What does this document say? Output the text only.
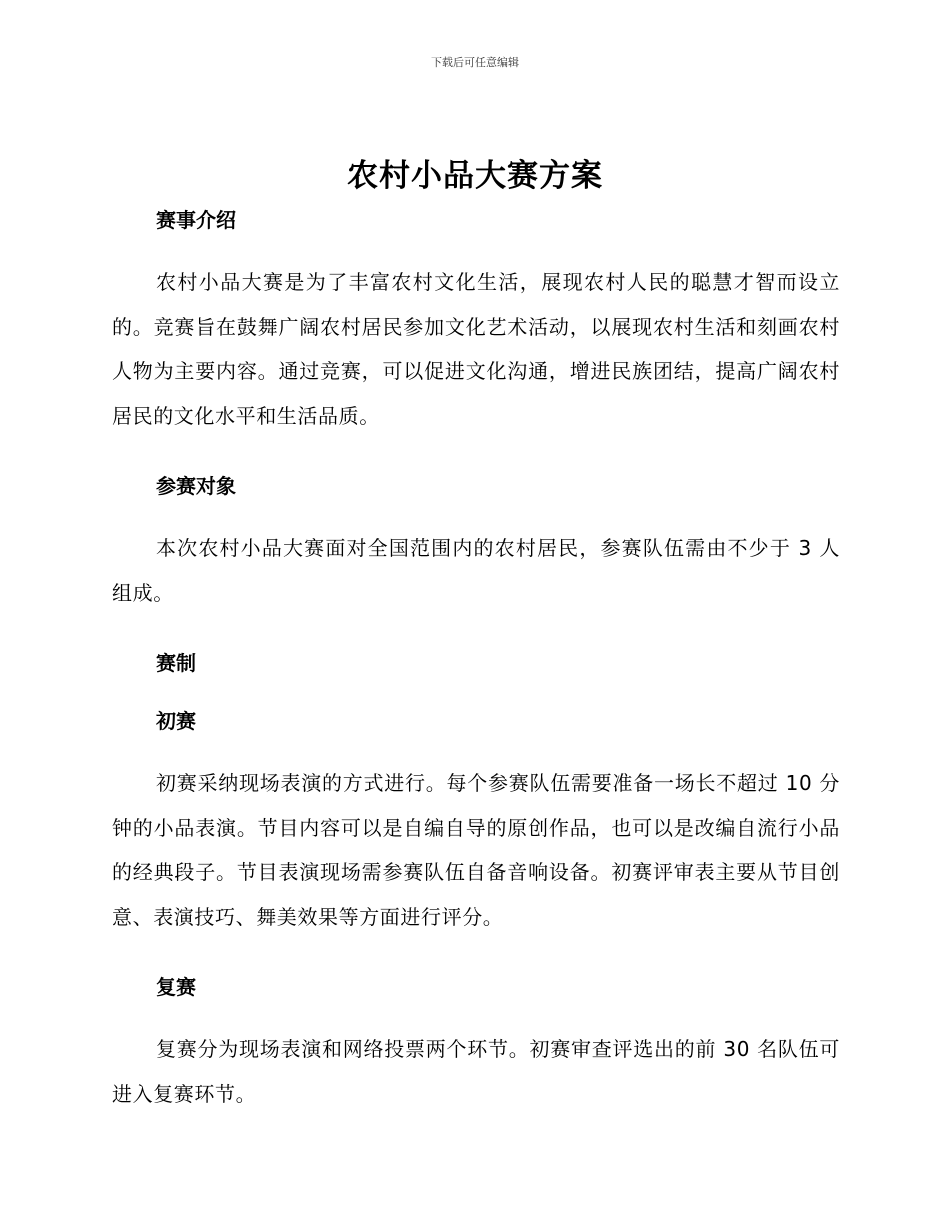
下载后可任意编辑
农村小品大赛方案
赛事介绍

农村小品大赛是为了丰富农村文化生活，展现农村人民的聪慧才智而设立的。竞赛旨在鼓舞广阔农村居民参加文化艺术活动，以展现农村生活和刻画农村人物为主要内容。通过竞赛，可以促进文化沟通，增进民族团结，提高广阔农村居民的文化水平和生活品质。

参赛对象

本次农村小品大赛面对全国范围内的农村居民，参赛队伍需由不少于 3 人组成。

赛制
初赛

初赛采纳现场表演的方式进行。每个参赛队伍需要准备一场长不超过 10 分钟的小品表演。节目内容可以是自编自导的原创作品，也可以是改编自流行小品的经典段子。节目表演现场需参赛队伍自备音响设备。初赛评审表主要从节目创意、表演技巧、舞美效果等方面进行评分。

复赛

复赛分为现场表演和网络投票两个环节。初赛审查评选出的前 30 名队伍可进入复赛环节。
